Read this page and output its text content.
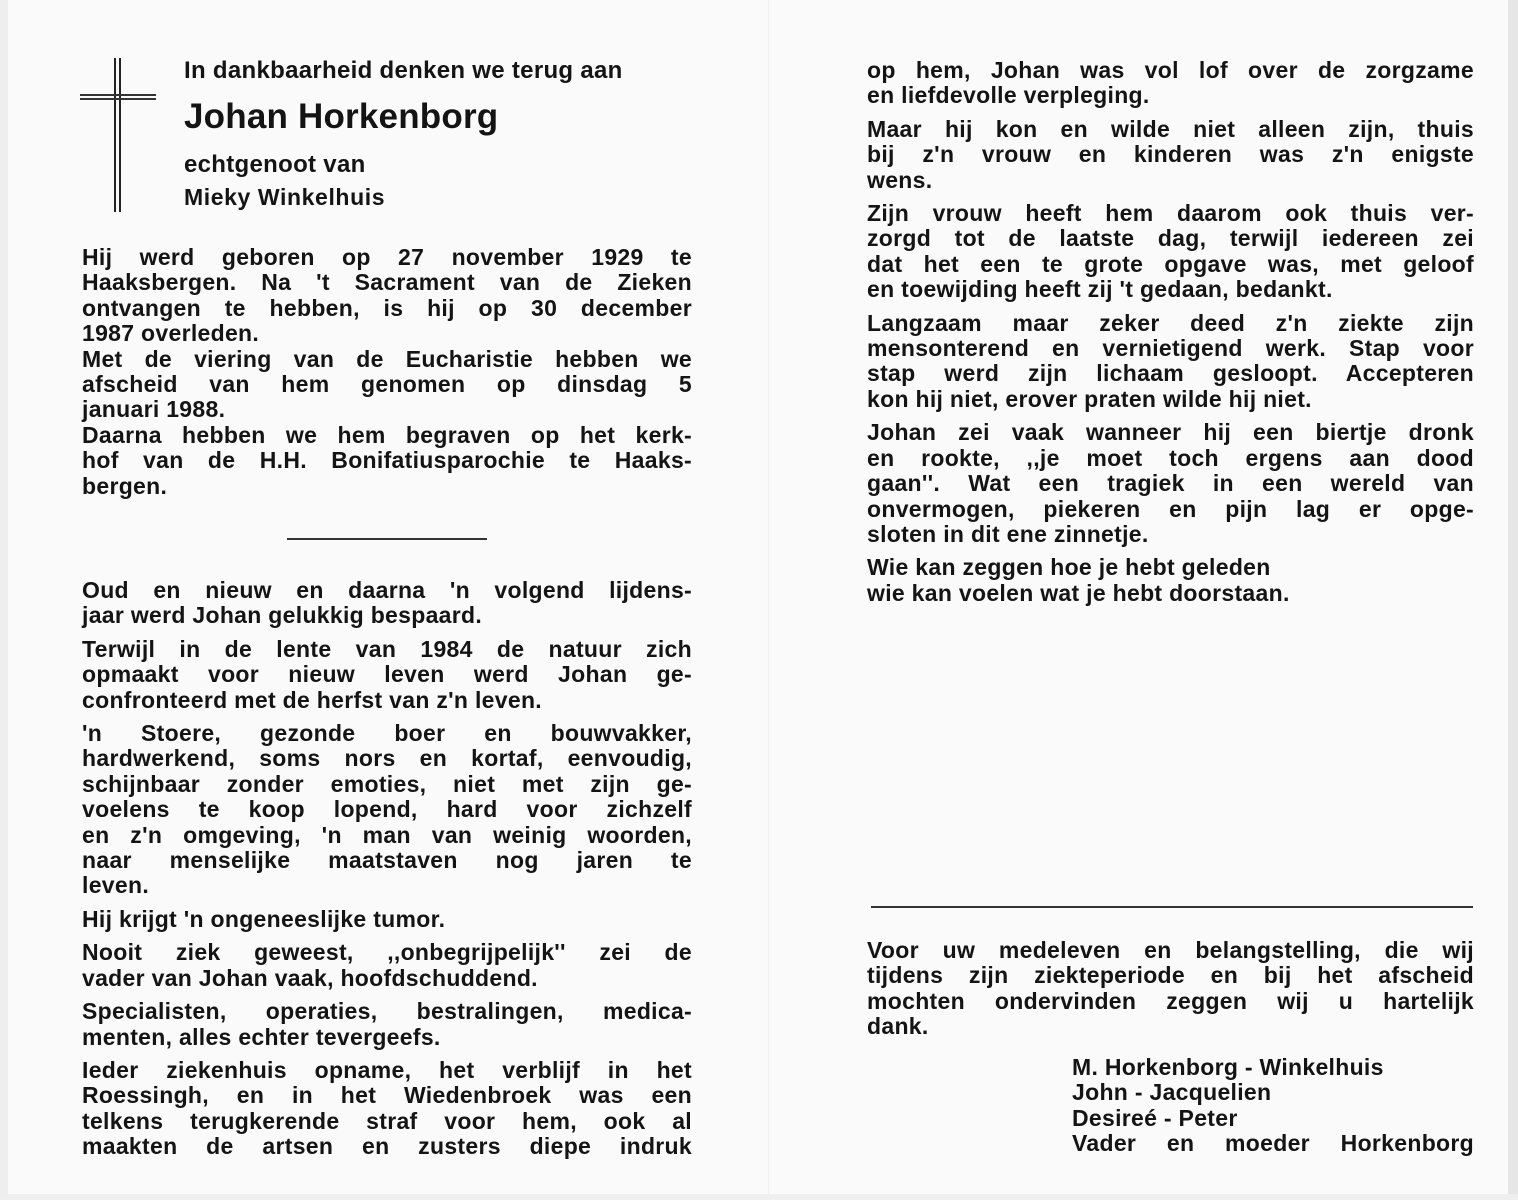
In dankbaarheid denken we terug aan

Johan Horkenborg

echtgenoot van

Mieky Winkelhuis

Hij werd geboren op 27 november 1929 te

Haaksbergen. Na 't Sacrament van de Zieken

ontvangen te hebben, is hij op 30 december

1987 overleden.

Met de viering van de Eucharistie hebben we

afscheid van hem genomen op dinsdag 5

januari 1988.

Daarna hebben we hem begraven op het kerk-

hof van de H.H. Bonifatiusparochie te Haaks-

bergen.

Oud en nieuw en daarna 'n volgend lijdens-

jaar werd Johan gelukkig bespaard.

Terwijl in de lente van 1984 de natuur zich

opmaakt voor nieuw leven werd Johan ge-

confronteerd met de herfst van z'n leven.

'n Stoere, gezonde boer en bouwvakker,

hardwerkend, soms nors en kortaf, eenvoudig,

schijnbaar zonder emoties, niet met zijn ge-

voelens te koop lopend, hard voor zichzelf

en z'n omgeving, 'n man van weinig woorden,

naar menselijke maatstaven nog jaren te

leven.

Hij krijgt 'n ongeneeslijke tumor.

Nooit ziek geweest, ,,onbegrijpelijk'' zei de

vader van Johan vaak, hoofdschuddend.

Specialisten, operaties, bestralingen, medica-

menten, alles echter tevergeefs.

Ieder ziekenhuis opname, het verblijf in het

Roessingh, en in het Wiedenbroek was een

telkens terugkerende straf voor hem, ook al

maakten de artsen en zusters diepe indruk

op hem, Johan was vol lof over de zorgzame

en liefdevolle verpleging.

Maar hij kon en wilde niet alleen zijn, thuis

bij z'n vrouw en kinderen was z'n enigste

wens.

Zijn vrouw heeft hem daarom ook thuis ver-

zorgd tot de laatste dag, terwijl iedereen zei

dat het een te grote opgave was, met geloof

en toewijding heeft zij 't gedaan, bedankt.

Langzaam maar zeker deed z'n ziekte zijn

mensonterend en vernietigend werk. Stap voor

stap werd zijn lichaam gesloopt. Accepteren

kon hij niet, erover praten wilde hij niet.

Johan zei vaak wanneer hij een biertje dronk

en rookte, ,,je moet toch ergens aan dood

gaan''. Wat een tragiek in een wereld van

onvermogen, piekeren en pijn lag er opge-

sloten in dit ene zinnetje.

Wie kan zeggen hoe je hebt geleden

wie kan voelen wat je hebt doorstaan.

Voor uw medeleven en belangstelling, die wij

tijdens zijn ziekteperiode en bij het afscheid

mochten ondervinden zeggen wij u hartelijk

dank.

M. Horkenborg - Winkelhuis

John - Jacquelien

Desireé - Peter

Vader en moeder Horkenborg
